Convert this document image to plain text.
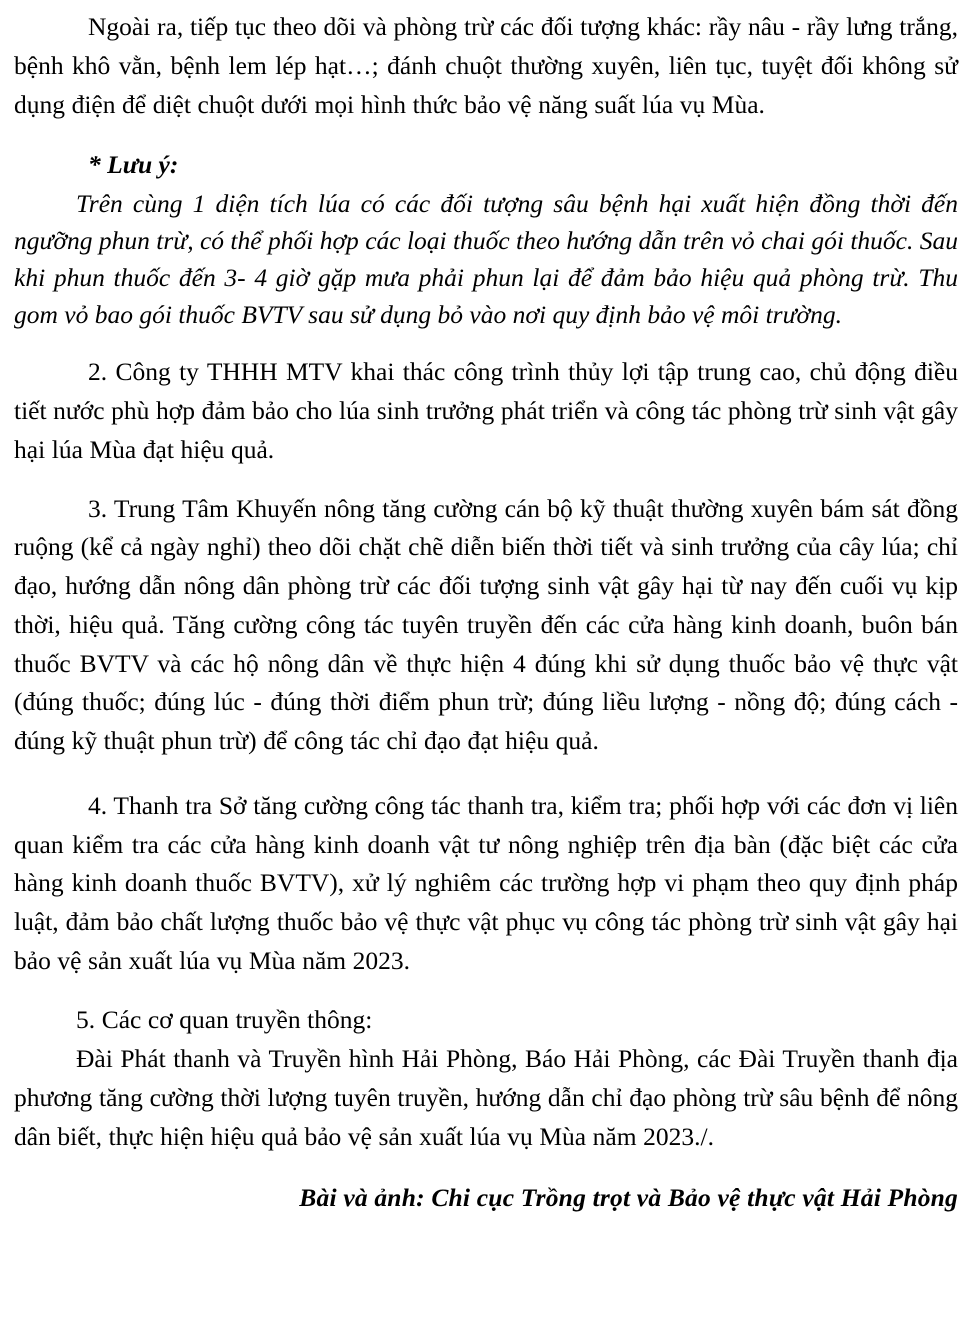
Ngoài ra, tiếp tục theo dõi và phòng trừ các đối tượng khác: rầy nâu - rầy lưng trắng, bệnh khô vằn, bệnh lem lép hạt…; đánh chuột thường xuyên, liên tục, tuyệt đối không sử dụng điện để diệt chuột dưới mọi hình thức bảo vệ năng suất lúa vụ Mùa.

* Lưu ý:

Trên cùng 1 diện tích lúa có các đối tượng sâu bệnh hại xuất hiện đồng thời đến ngưỡng phun trừ, có thể phối hợp các loại thuốc theo hướng dẫn trên vỏ chai gói thuốc. Sau khi phun thuốc đến 3- 4 giờ gặp mưa phải phun lại để đảm bảo hiệu quả phòng trừ. Thu gom vỏ bao gói thuốc BVTV sau sử dụng bỏ vào nơi quy định bảo vệ môi trường.

2. Công ty THHH MTV khai thác công trình thủy lợi tập trung cao, chủ động điều tiết nước phù hợp đảm bảo cho lúa sinh trưởng phát triển và công tác phòng trừ sinh vật gây hại lúa Mùa đạt hiệu quả.

3. Trung Tâm Khuyến nông tăng cường cán bộ kỹ thuật thường xuyên bám sát đồng ruộng (kể cả ngày nghỉ) theo dõi chặt chẽ diễn biến thời tiết và sinh trưởng của cây lúa; chỉ đạo, hướng dẫn nông dân phòng trừ các đối tượng sinh vật gây hại từ nay đến cuối vụ kịp thời, hiệu quả. Tăng cường công tác tuyên truyền đến các cửa hàng kinh doanh, buôn bán thuốc BVTV và các hộ nông dân về thực hiện 4 đúng khi sử dụng thuốc bảo vệ thực vật (đúng thuốc; đúng lúc - đúng thời điểm phun trừ; đúng liều lượng - nồng độ; đúng cách - đúng kỹ thuật phun trừ) để công tác chỉ đạo đạt hiệu quả.

4. Thanh tra Sở tăng cường công tác thanh tra, kiểm tra; phối hợp với các đơn vị liên quan kiểm tra các cửa hàng kinh doanh vật tư nông nghiệp trên địa bàn (đặc biệt các cửa hàng kinh doanh thuốc BVTV), xử lý nghiêm các trường hợp vi phạm theo quy định pháp luật, đảm bảo chất lượng thuốc bảo vệ thực vật phục vụ công tác phòng trừ sinh vật gây hại bảo vệ sản xuất lúa vụ Mùa năm 2023.

5. Các cơ quan truyền thông:

Đài Phát thanh và Truyền hình Hải Phòng, Báo Hải Phòng, các Đài Truyền thanh địa phương tăng cường thời lượng tuyên truyền, hướng dẫn chỉ đạo phòng trừ sâu bệnh để nông dân biết, thực hiện hiệu quả bảo vệ sản xuất lúa vụ Mùa năm 2023./.

Bài và ảnh: Chi cục Trồng trọt và Bảo vệ thực vật Hải Phòng
